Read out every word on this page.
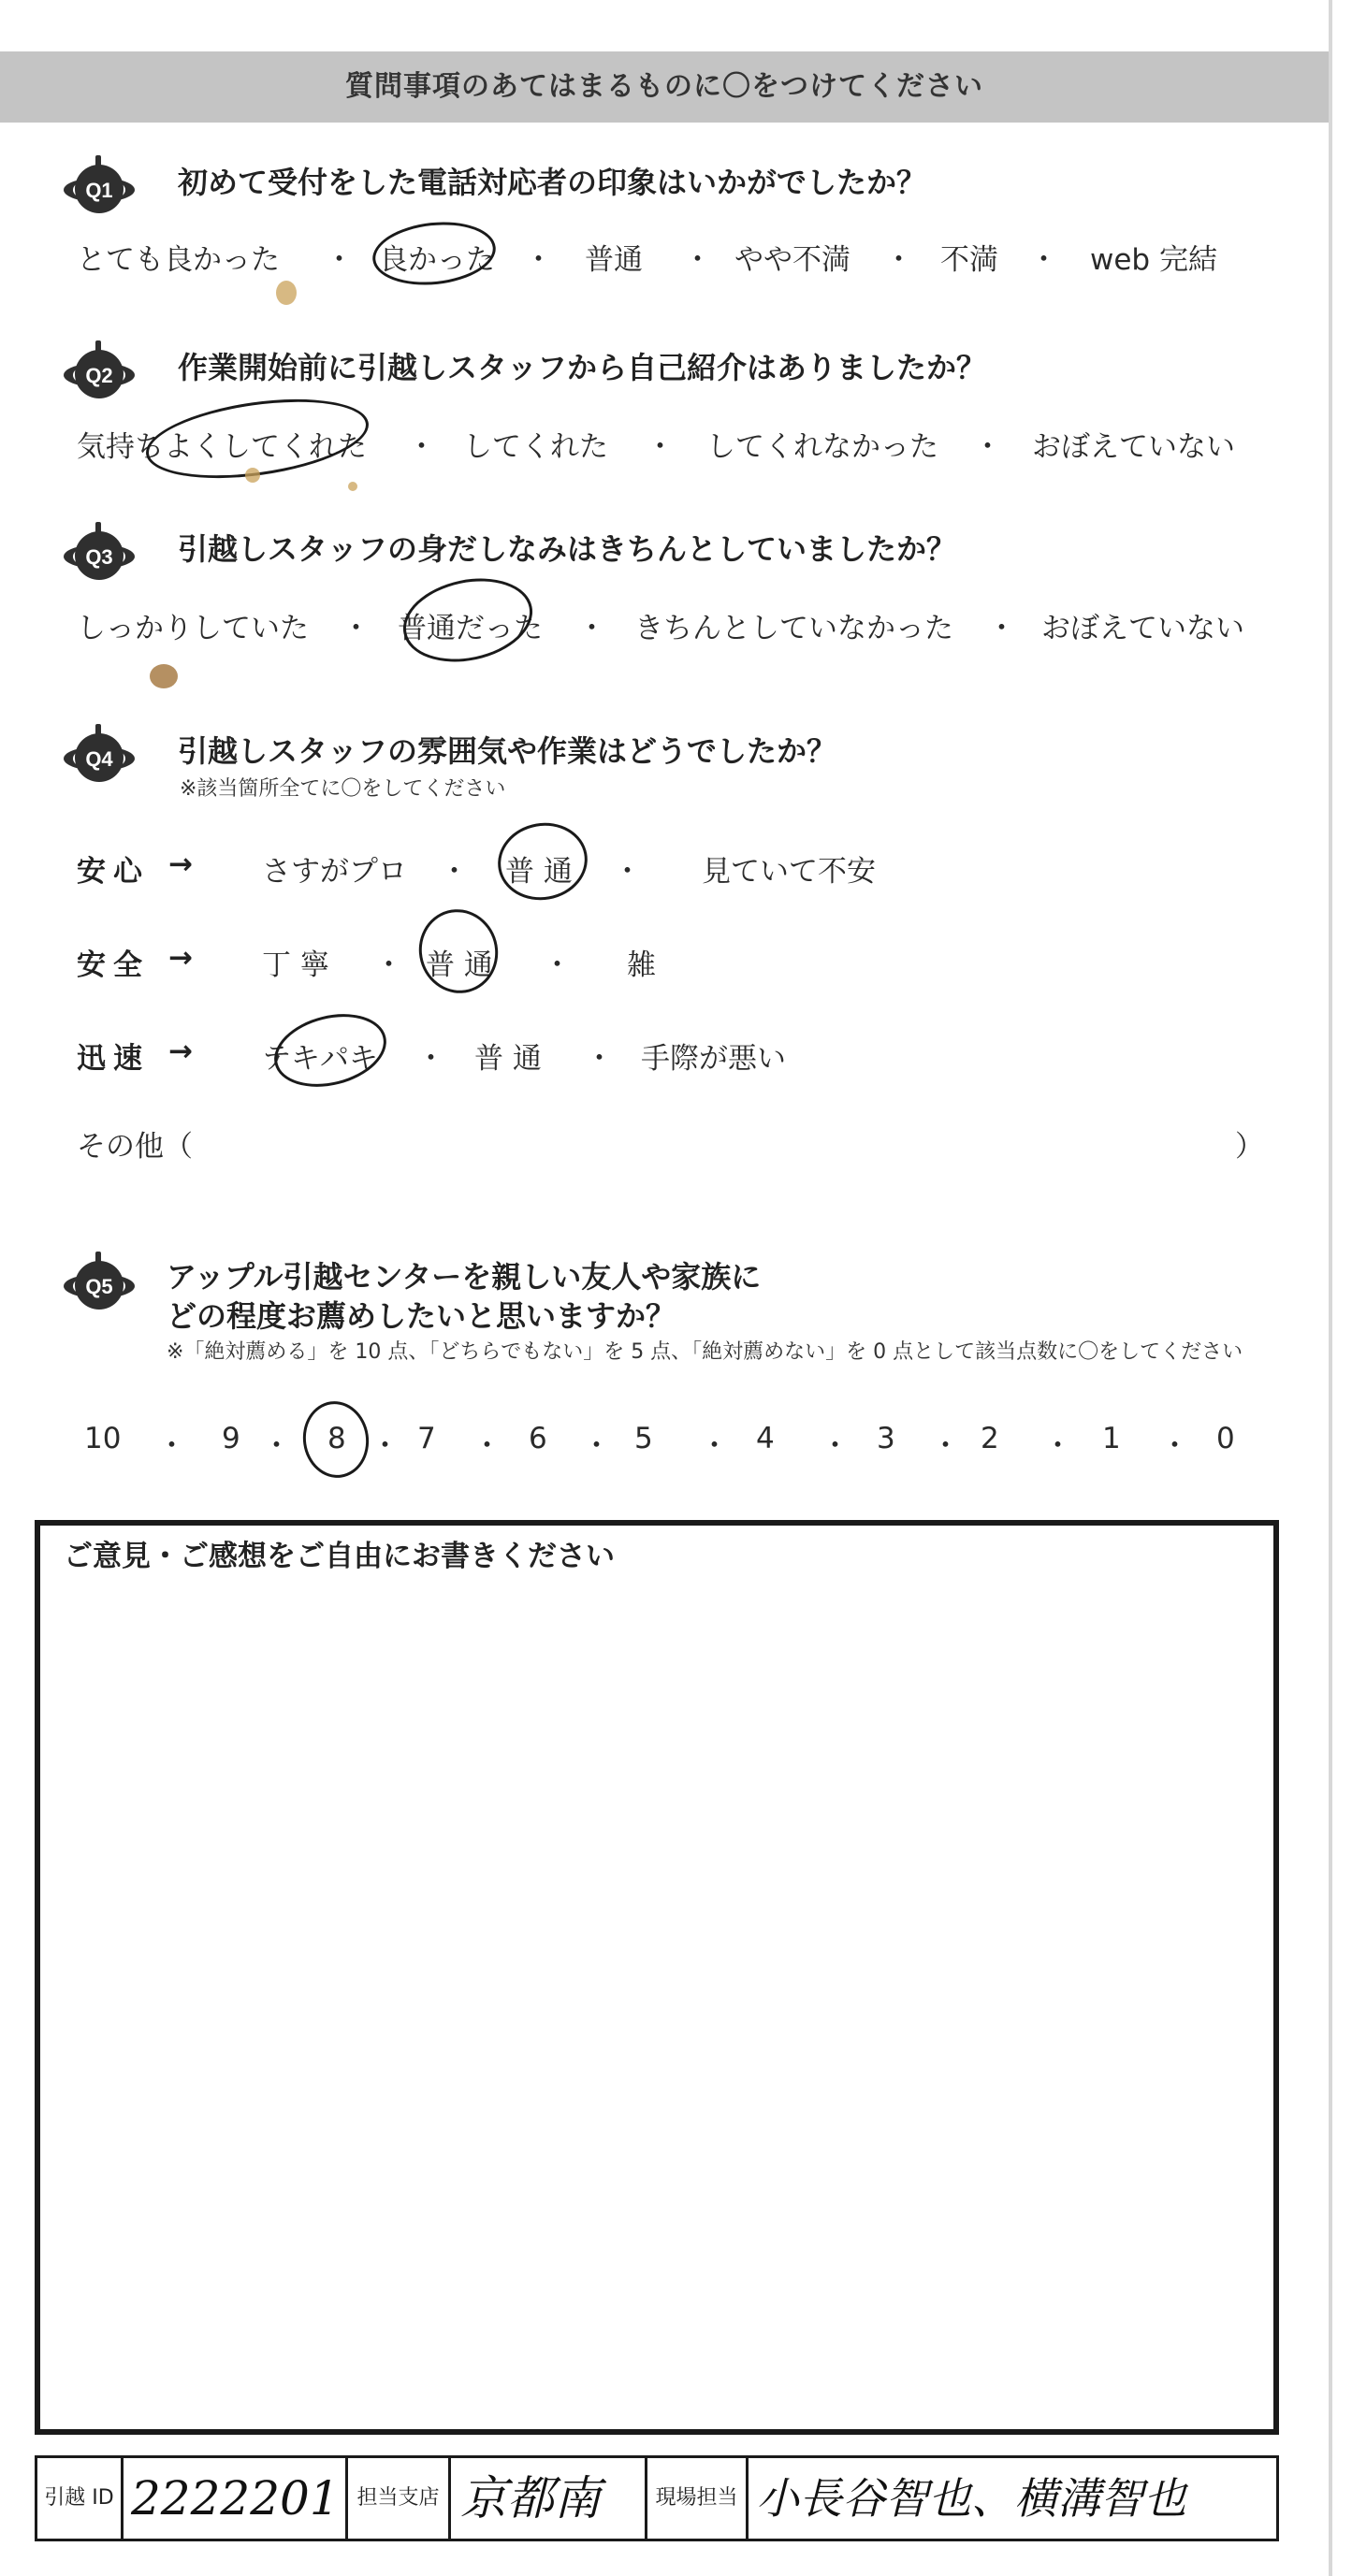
質問事項のあてはまるものに〇をつけてください
Q1	初めて受付をした電話対応者の印象はいかがでしたか？
とても良かった ・ 良かった ・ 普通 ・ やや不満 ・ 不満 ・ web 完結
Q2	作業開始前に引越しスタッフから自己紹介はありましたか？
気持ちよくしてくれた ・ してくれた ・ してくれなかった ・ おぼえていない
Q3	引越しスタッフの身だしなみはきちんとしていましたか？
しっかりしていた ・ 普通だった ・ きちんとしていなかった ・ おぼえていない
Q4	引越しスタッフの雰囲気や作業はどうでしたか？
※該当箇所全てに〇をしてください
安心 → さすがプロ ・ 普 通 ・ 見ていて不安
安全 → 丁 寧 ・ 普 通 ・ 雑
迅速 → テキパキ ・ 普 通 ・ 手際が悪い
その他（	）
Q5	アップル引越センターを親しい友人や家族に
どの程度お薦めしたいと思いますか？
※「絶対薦める」を 10 点、「どちらでもない」を 5 点、「絶対薦めない」を 0 点として該当点数に〇をしてください
10 ・ 9 ・ 8 ・ 7 ・ 6 ・ 5 ・ 4 ・ 3 ・ 2 ・ 1 ・ 0
ご意見・ご感想をご自由にお書きください
引越 ID 2222201 担当支店 京都南	現場担当 小長谷智也、横溝智也
